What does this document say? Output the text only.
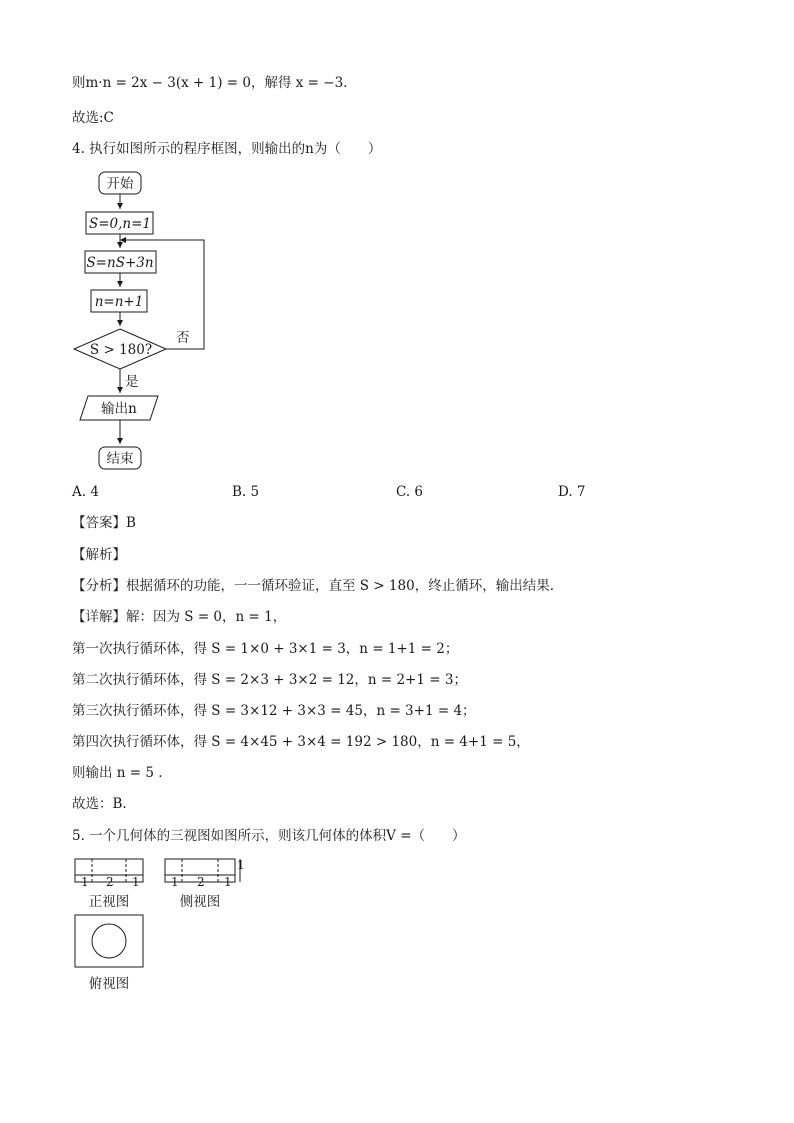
则m·n = 2x − 3(x + 1) = 0，解得 x = −3.
故选:C
4. 执行如图所示的程序框图，则输出的n为（　　）
开始
S=0,n=1
S=nS+3n
n=n+1
S > 180?
否
是
输出n
结束
A. 4	B. 5	C. 6	D. 7
【答案】B
【解析】
【分析】根据循环的功能，一一循环验证，直至 S > 180，终止循环，输出结果.
【详解】解：因为 S = 0，n = 1，
第一次执行循环体，得 S = 1×0 + 3×1 = 3，n = 1+1 = 2；
第二次执行循环体，得 S = 2×3 + 3×2 = 12，n = 2+1 = 3；
第三次执行循环体，得 S = 3×12 + 3×3 = 45，n = 3+1 = 4；
第四次执行循环体，得 S = 4×45 + 3×4 = 192 > 180，n = 4+1 = 5，
则输出 n = 5 .
故选：B.
5. 一个几何体的三视图如图所示，则该几何体的体积V =（　　）
1 2 1	1 2 1
1
正视图	侧视图
俯视图
